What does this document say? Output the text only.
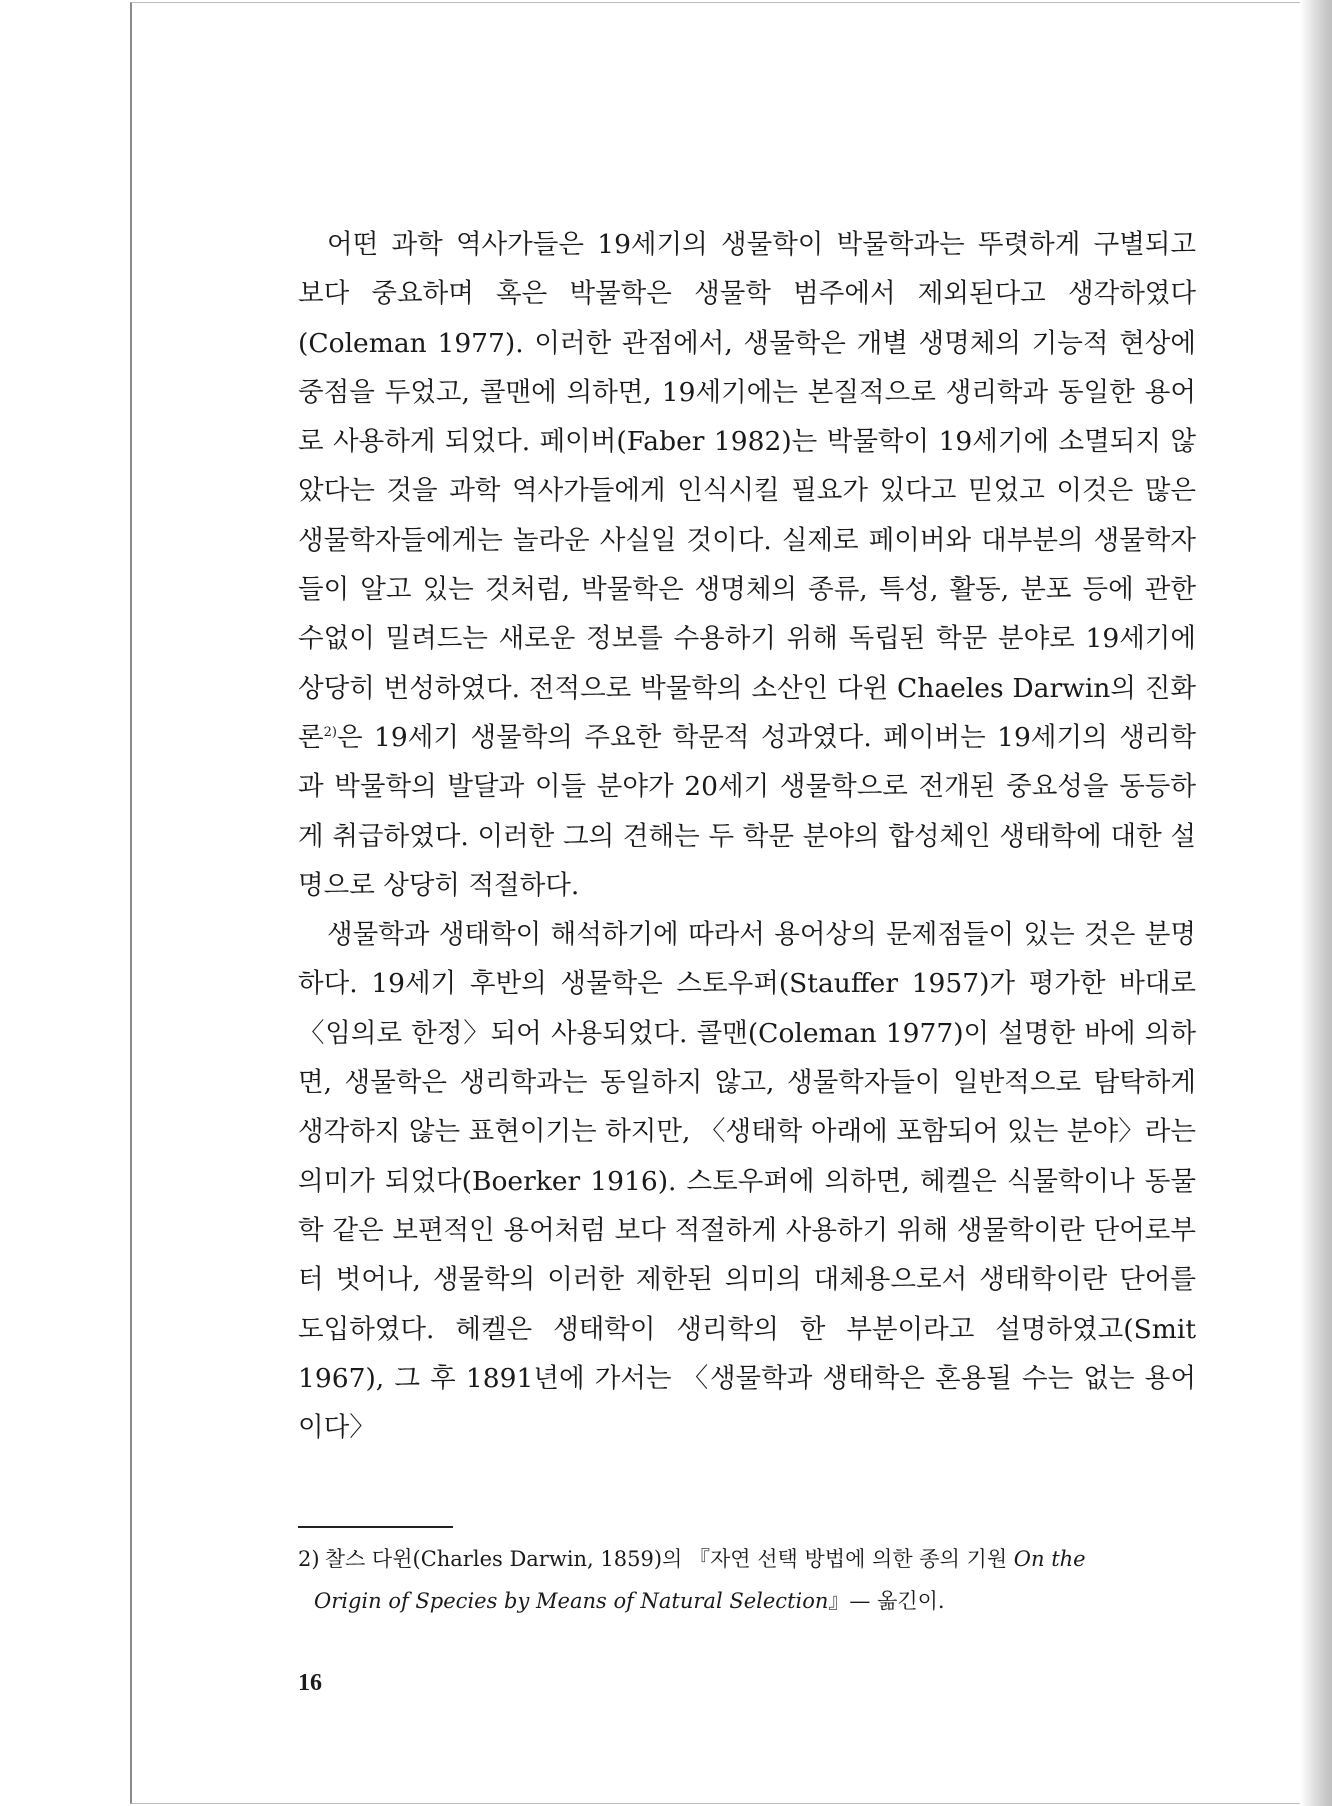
어떤 과학 역사가들은 19세기의 생물학이 박물학과는 뚜렷하게 구별되고 보다 중요하며 혹은 박물학은 생물학 범주에서 제외된다고 생각하였다(Coleman 1977). 이러한 관점에서, 생물학은 개별 생명체의 기능적 현상에 중점을 두었고, 콜맨에 의하면, 19세기에는 본질적으로 생리학과 동일한 용어로 사용하게 되었다. 페이버(Faber 1982)는 박물학이 19세기에 소멸되지 않았다는 것을 과학 역사가들에게 인식시킬 필요가 있다고 믿었고 이것은 많은 생물학자들에게는 놀라운 사실일 것이다. 실제로 페이버와 대부분의 생물학자들이 알고 있는 것처럼, 박물학은 생명체의 종류, 특성, 활동, 분포 등에 관한 수없이 밀려드는 새로운 정보를 수용하기 위해 독립된 학문 분야로 19세기에 상당히 번성하였다. 전적으로 박물학의 소산인 다윈 Chaeles Darwin의 진화론$^{2)}$은 19세기 생물학의 주요한 학문적 성과였다. 페이버는 19세기의 생리학과 박물학의 발달과 이들 분야가 20세기 생물학으로 전개된 중요성을 동등하게 취급하였다. 이러한 그의 견해는 두 학문 분야의 합성체인 생태학에 대한 설명으로 상당히 적절하다.

생물학과 생태학이 해석하기에 따라서 용어상의 문제점들이 있는 것은 분명하다. 19세기 후반의 생물학은 스토우퍼(Stauffer 1957)가 평가한 바대로 〈임의로 한정〉되어 사용되었다. 콜맨(Coleman 1977)이 설명한 바에 의하면, 생물학은 생리학과는 동일하지 않고, 생물학자들이 일반적으로 탐탁하게 생각하지 않는 표현이기는 하지만, 〈생태학 아래에 포함되어 있는 분야〉라는 의미가 되었다(Boerker 1916). 스토우퍼에 의하면, 헤켈은 식물학이나 동물학 같은 보편적인 용어처럼 보다 적절하게 사용하기 위해 생물학이란 단어로부터 벗어나, 생물학의 이러한 제한된 의미의 대체용으로서 생태학이란 단어를 도입하였다. 헤켈은 생태학이 생리학의 한 부분이라고 설명하였고(Smit 1967), 그 후 1891년에 가서는 〈생물학과 생태학은 혼용될 수는 없는 용어이다〉

2) 찰스 다윈(Charles Darwin, 1859)의 『자연 선택 방법에 의한 종의 기원 On the
Origin of Species by Means of Natural Selection』— 옮긴이.
16
